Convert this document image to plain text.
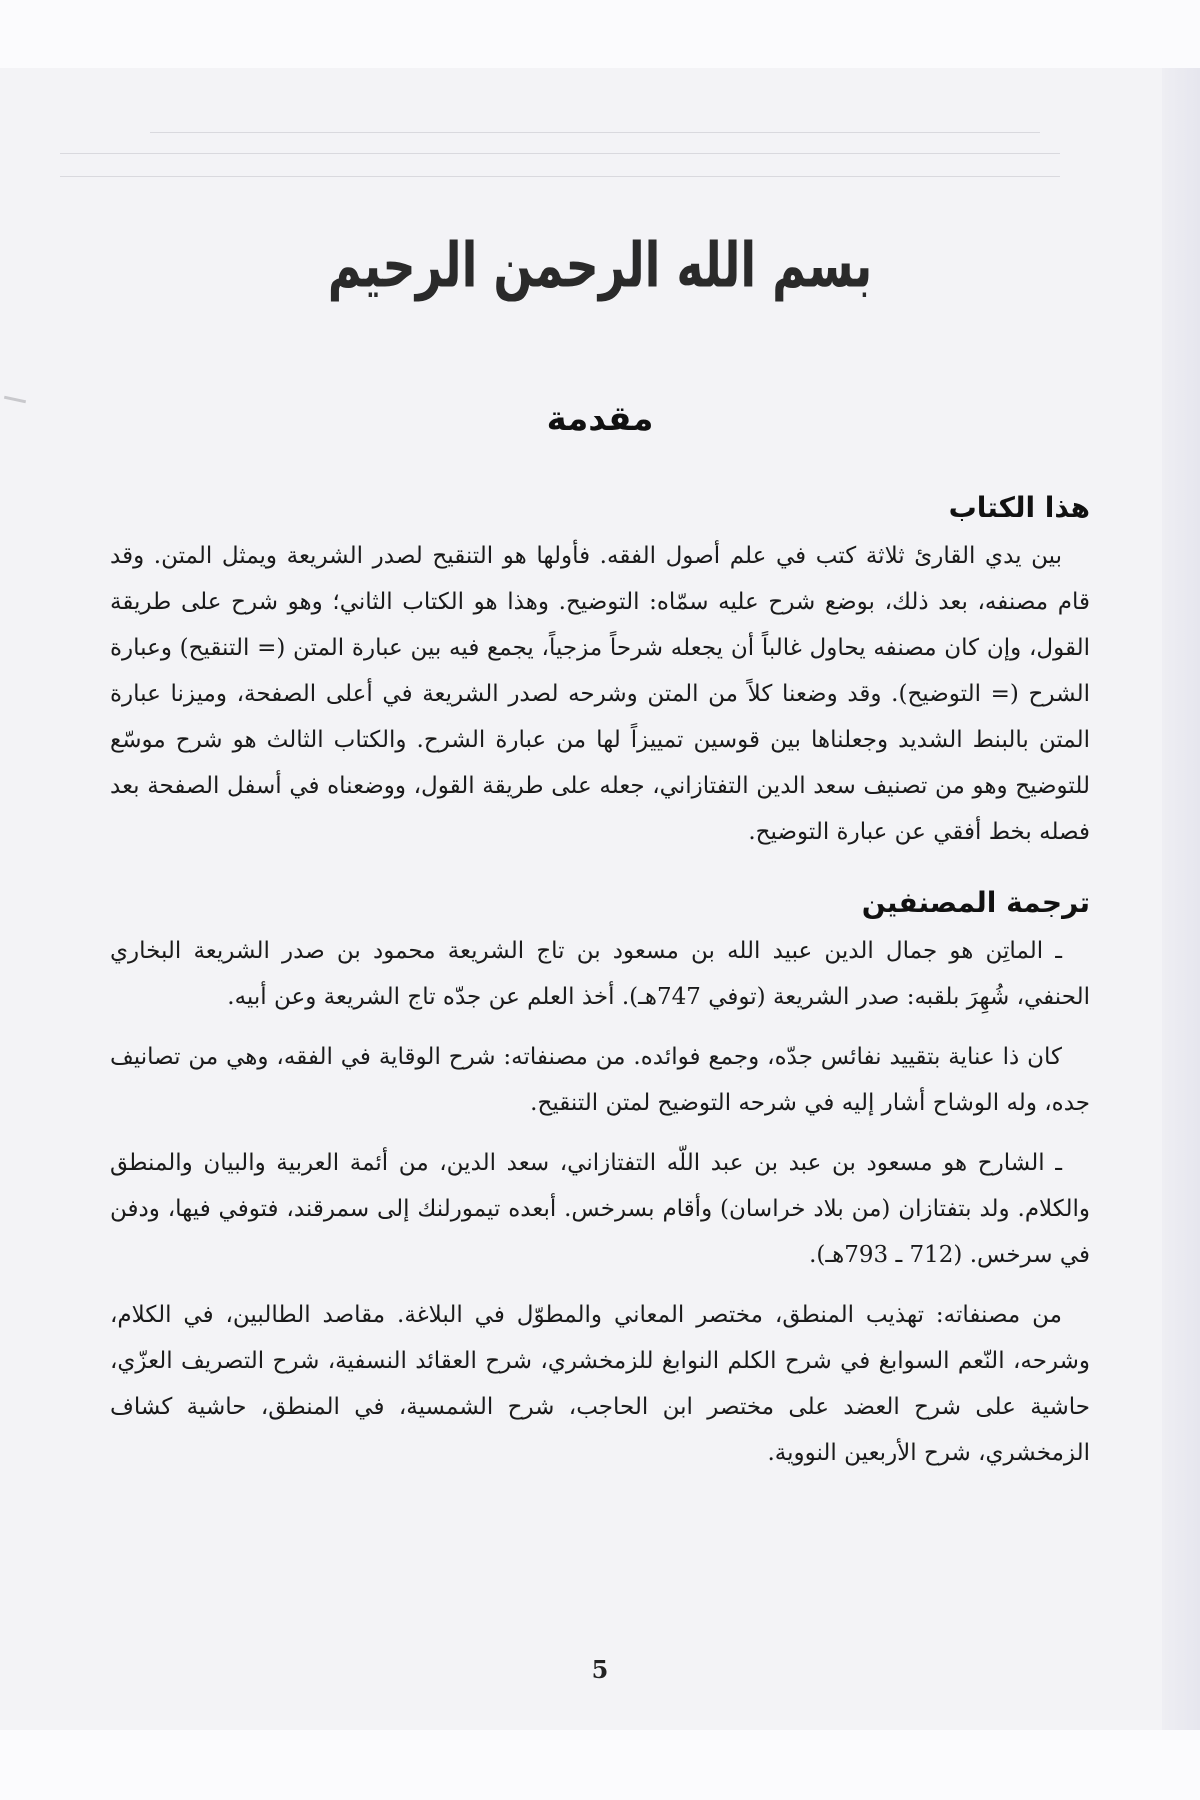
بسم الله الرحمن الرحيم
مقدمة
هذا الكتاب

بين يدي القارئ ثلاثة كتب في علم أصول الفقه. فأولها هو التنقيح لصدر الشريعة ويمثل المتن. وقد قام مصنفه، بعد ذلك، بوضع شرح عليه سمّاه: التوضيح. وهذا هو الكتاب الثاني؛ وهو شرح على طريقة القول، وإن كان مصنفه يحاول غالباً أن يجعله شرحاً مزجياً، يجمع فيه بين عبارة المتن (= التنقيح) وعبارة الشرح (= التوضيح). وقد وضعنا كلاً من المتن وشرحه لصدر الشريعة في أعلى الصفحة، وميزنا عبارة المتن بالبنط الشديد وجعلناها بين قوسين تمييزاً لها من عبارة الشرح. والكتاب الثالث هو شرح موسّع للتوضيح وهو من تصنيف سعد الدين التفتازاني، جعله على طريقة القول، ووضعناه في أسفل الصفحة بعد فصله بخط أفقي عن عبارة التوضيح.

ترجمة المصنفين

ـ الماتِن هو جمال الدين عبيد الله بن مسعود بن تاج الشريعة محمود بن صدر الشريعة البخاري الحنفي، شُهِرَ بلقبه: صدر الشريعة (توفي 747هـ). أخذ العلم عن جدّه تاج الشريعة وعن أبيه.

كان ذا عناية بتقييد نفائس جدّه، وجمع فوائده. من مصنفاته: شرح الوقاية في الفقه، وهي من تصانيف جده، وله الوشاح أشار إليه في شرحه التوضيح لمتن التنقيح.

ـ الشارح هو مسعود بن عبد بن عبد اللّه التفتازاني، سعد الدين، من أئمة العربية والبيان والمنطق والكلام. ولد بتفتازان (من بلاد خراسان) وأقام بسرخس. أبعده تيمورلنك إلى سمرقند، فتوفي فيها، ودفن في سرخس. (712 ـ 793هـ).

من مصنفاته: تهذيب المنطق، مختصر المعاني والمطوّل في البلاغة. مقاصد الطالبين، في الكلام، وشرحه، النّعم السوابغ في شرح الكلم النوابغ للزمخشري، شرح العقائد النسفية، شرح التصريف العزّي، حاشية على شرح العضد على مختصر ابن الحاجب، شرح الشمسية، في المنطق، حاشية كشاف الزمخشري، شرح الأربعين النووية.

5
